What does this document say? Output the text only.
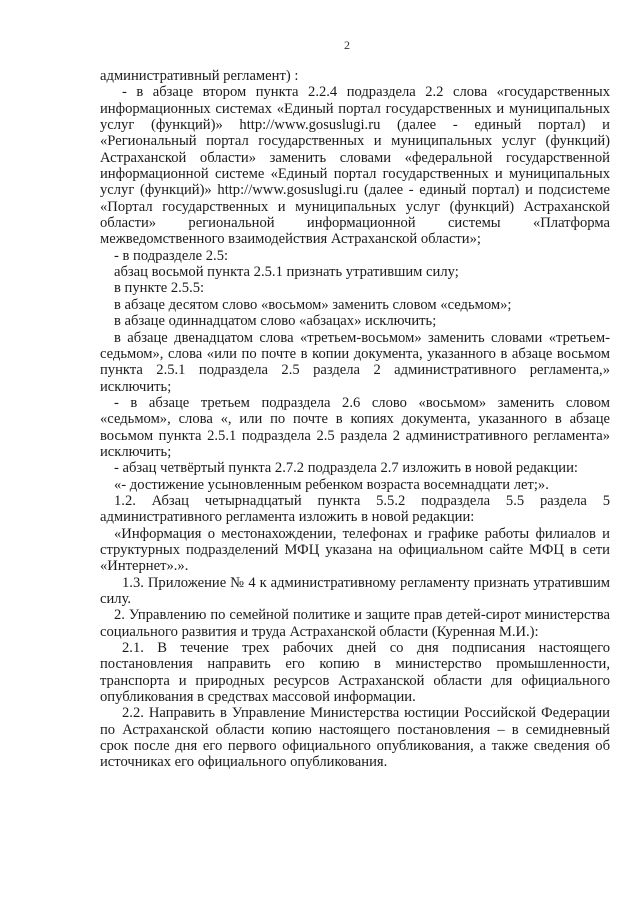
2

административный регламент) :

- в абзаце втором пункта 2.2.4 подраздела 2.2 слова «государственных информационных системах «Единый портал государственных и муниципальных услуг (функций)» http://www.gosuslugi.ru (далее - единый портал) и «Региональный портал государственных и муниципальных услуг (функций) Астраханской области» заменить словами «федеральной государственной информационной системе «Единый портал государственных и муниципальных услуг (функций)» http://www.gosuslugi.ru (далее - единый портал) и подсистеме «Портал государственных и муниципальных услуг (функций) Астраханской области» региональной информационной системы «Платформа межведомственного взаимодействия Астраханской области»;

- в подразделе 2.5:

абзац восьмой пункта 2.5.1 признать утратившим силу;

в пункте 2.5.5:

в абзаце десятом слово «восьмом» заменить словом «седьмом»;

в абзаце одиннадцатом слово «абзацах» исключить;

в абзаце двенадцатом слова «третьем-восьмом» заменить словами «третьем-седьмом», слова «или по почте в копии документа, указанного в абзаце восьмом пункта 2.5.1 подраздела 2.5 раздела 2 административного регламента,» исключить;

- в абзаце третьем подраздела 2.6 слово «восьмом» заменить словом «седьмом», слова «, или по почте в копиях документа, указанного в абзаце восьмом пункта 2.5.1 подраздела 2.5 раздела 2 административного регламента» исключить;

- абзац четвёртый пункта 2.7.2 подраздела 2.7 изложить в новой редакции:

«- достижение усыновленным ребенком возраста восемнадцати лет;».

1.2. Абзац четырнадцатый пункта 5.5.2 подраздела 5.5 раздела 5 административного регламента изложить в новой редакции:

«Информация о местонахождении, телефонах и графике работы филиалов и структурных подразделений МФЦ указана на официальном сайте МФЦ в сети «Интернет».».

1.3. Приложение № 4 к административному регламенту признать утратившим силу.

2. Управлению по семейной политике и защите прав детей-сирот министерства социального развития и труда Астраханской области (Куренная М.И.):

2.1. В течение трех рабочих дней со дня подписания настоящего постановления направить его копию в министерство промышленности, транспорта и природных ресурсов Астраханской области для официального опубликования в средствах массовой информации.

2.2. Направить в Управление Министерства юстиции Российской Федерации по Астраханской области копию настоящего постановления – в семидневный срок после дня его первого официального опубликования, а также сведения об источниках его официального опубликования.
